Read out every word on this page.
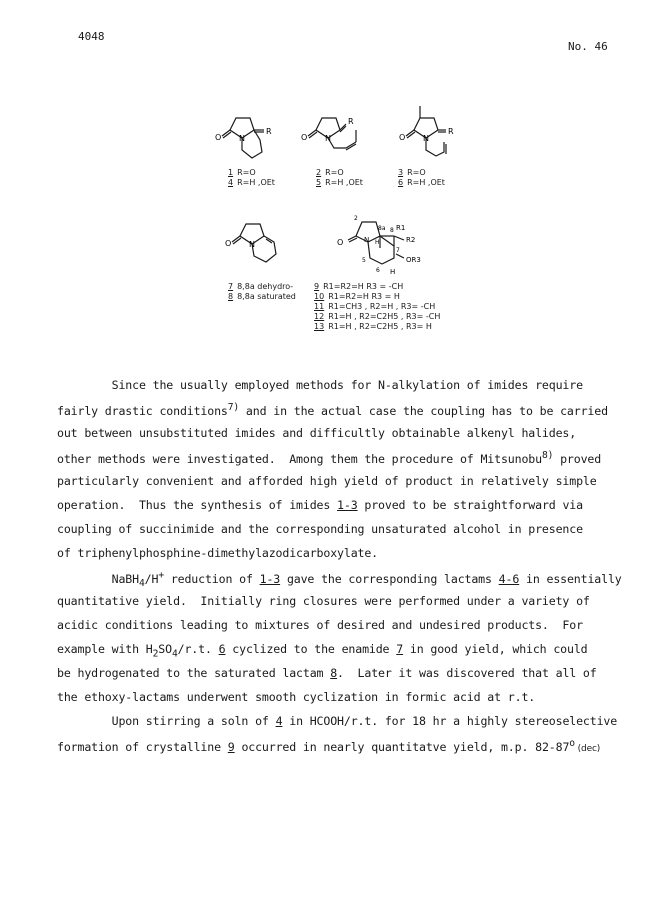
4048
No. 46
O N
R
O N
R
O N
R
1 R=O
4 R=H ,OEt
2 R=O
5 R=H ,OEt
3 R=O
6 R=H ,OEt
O N	O	N H
2
5
6
7
8a 8 R1
R2
OR3
H
7 8,8a dehydro-
8 8,8a saturated
9 R1=R2=H R3 = -CH
10 R1=R2=H R3 = H
11 R1=CH3 , R2=H , R3= -CH
12 R1=H , R2=C2H5 , R3= -CH
13 R1=H , R2=C2H5 , R3= H
Since the usually employed methods for N-alkylation of imides require
fairly drastic conditions$^{7)}$ and in the actual case the coupling has to be carried
out between unsubstituted imides and difficultly obtainable alkenyl halides,
other methods were investigated.  Among them the procedure of Mitsunobu$^{8)}$ proved
particularly convenient and afforded high yield of product in relatively simple
operation.  Thus the synthesis of imides 1-3 proved to be straightforward via
coupling of succinimide and the corresponding unsaturated alcohol in presence
of triphenylphosphine-dimethylazodicarboxylate.
NaBH$_4$/H+ reduction of 1-3 gave the corresponding lactams 4-6 in essentially
quantitative yield.  Initially ring closures were performed under a variety of
acidic conditions leading to mixtures of desired and undesired products.  For
example with $H_2SO_4/r.t$. 6 cyclized to the enamide 7 in good yield, which could
be hydrogenated to the saturated lactam 8.  Later it was discovered that all of
the ethoxy-lactams underwent smooth cyclization in formic acid at r.t.
Upon stirring a soln of 4 in HCOOH/r.t. for 18 hr a highly stereoselective
formation of crystalline 9 occurred in nearly quantitatve yield, m.p. 82-87$^o$ (dec)
